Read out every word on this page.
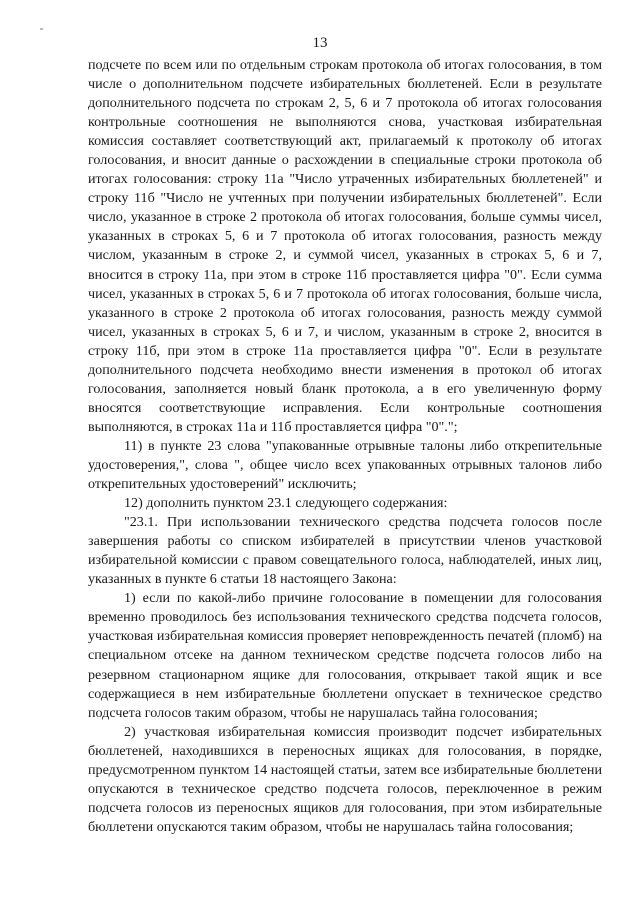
13

подсчете по всем или по отдельным строкам протокола об итогах голосования, в том числе о дополнительном подсчете избирательных бюллетеней. Если в результате дополнительного подсчета по строкам 2, 5, 6 и 7 протокола об итогах голосования контрольные соотношения не выполняются снова, участковая избирательная комиссия составляет соответствующий акт, прилагаемый к протоколу об итогах голосования, и вносит данные о расхождении в специальные строки протокола об итогах голосования: строку 11а "Число утраченных избирательных бюллетеней" и строку 11б "Число не учтенных при получении избирательных бюллетеней". Если число, указанное в строке 2 протокола об итогах голосования, больше суммы чисел, указанных в строках 5, 6 и 7 протокола об итогах голосования, разность между числом, указанным в строке 2, и суммой чисел, указанных в строках 5, 6 и 7, вносится в строку 11а, при этом в строке 11б проставляется цифра "0". Если сумма чисел, указанных в строках 5, 6 и 7 протокола об итогах голосования, больше числа, указанного в строке 2 протокола об итогах голосования, разность между суммой чисел, указанных в строках 5, 6 и 7, и числом, указанным в строке 2, вносится в строку 11б, при этом в строке 11а проставляется цифра "0". Если в результате дополнительного подсчета необходимо внести изменения в протокол об итогах голосования, заполняется новый бланк протокола, а в его увеличенную форму вносятся соответствующие исправления. Если контрольные соотношения выполняются, в строках 11а и 11б проставляется цифра "0".";

11) в пункте 23 слова "упакованные отрывные талоны либо открепительные удостоверения,", слова ", общее число всех упакованных отрывных талонов либо открепительных удостоверений" исключить;

12) дополнить пунктом 23.1 следующего содержания:

"23.1. При использовании технического средства подсчета голосов после завершения работы со списком избирателей в присутствии членов участковой избирательной комиссии с правом совещательного голоса, наблюдателей, иных лиц, указанных в пункте 6 статьи 18 настоящего Закона:

1) если по какой-либо причине голосование в помещении для голосования временно проводилось без использования технического средства подсчета голосов, участковая избирательная комиссия проверяет неповрежденность печатей (пломб) на специальном отсеке на данном техническом средстве подсчета голосов либо на резервном стационарном ящике для голосования, открывает такой ящик и все содержащиеся в нем избирательные бюллетени опускает в техническое средство подсчета голосов таким образом, чтобы не нарушалась тайна голосования;

2) участковая избирательная комиссия производит подсчет избирательных бюллетеней, находившихся в переносных ящиках для голосования, в порядке, предусмотренном пунктом 14 настоящей статьи, затем все избирательные бюллетени опускаются в техническое средство подсчета голосов, переключенное в режим подсчета голосов из переносных ящиков для голосования, при этом избирательные бюллетени опускаются таким образом, чтобы не нарушалась тайна голосования;
